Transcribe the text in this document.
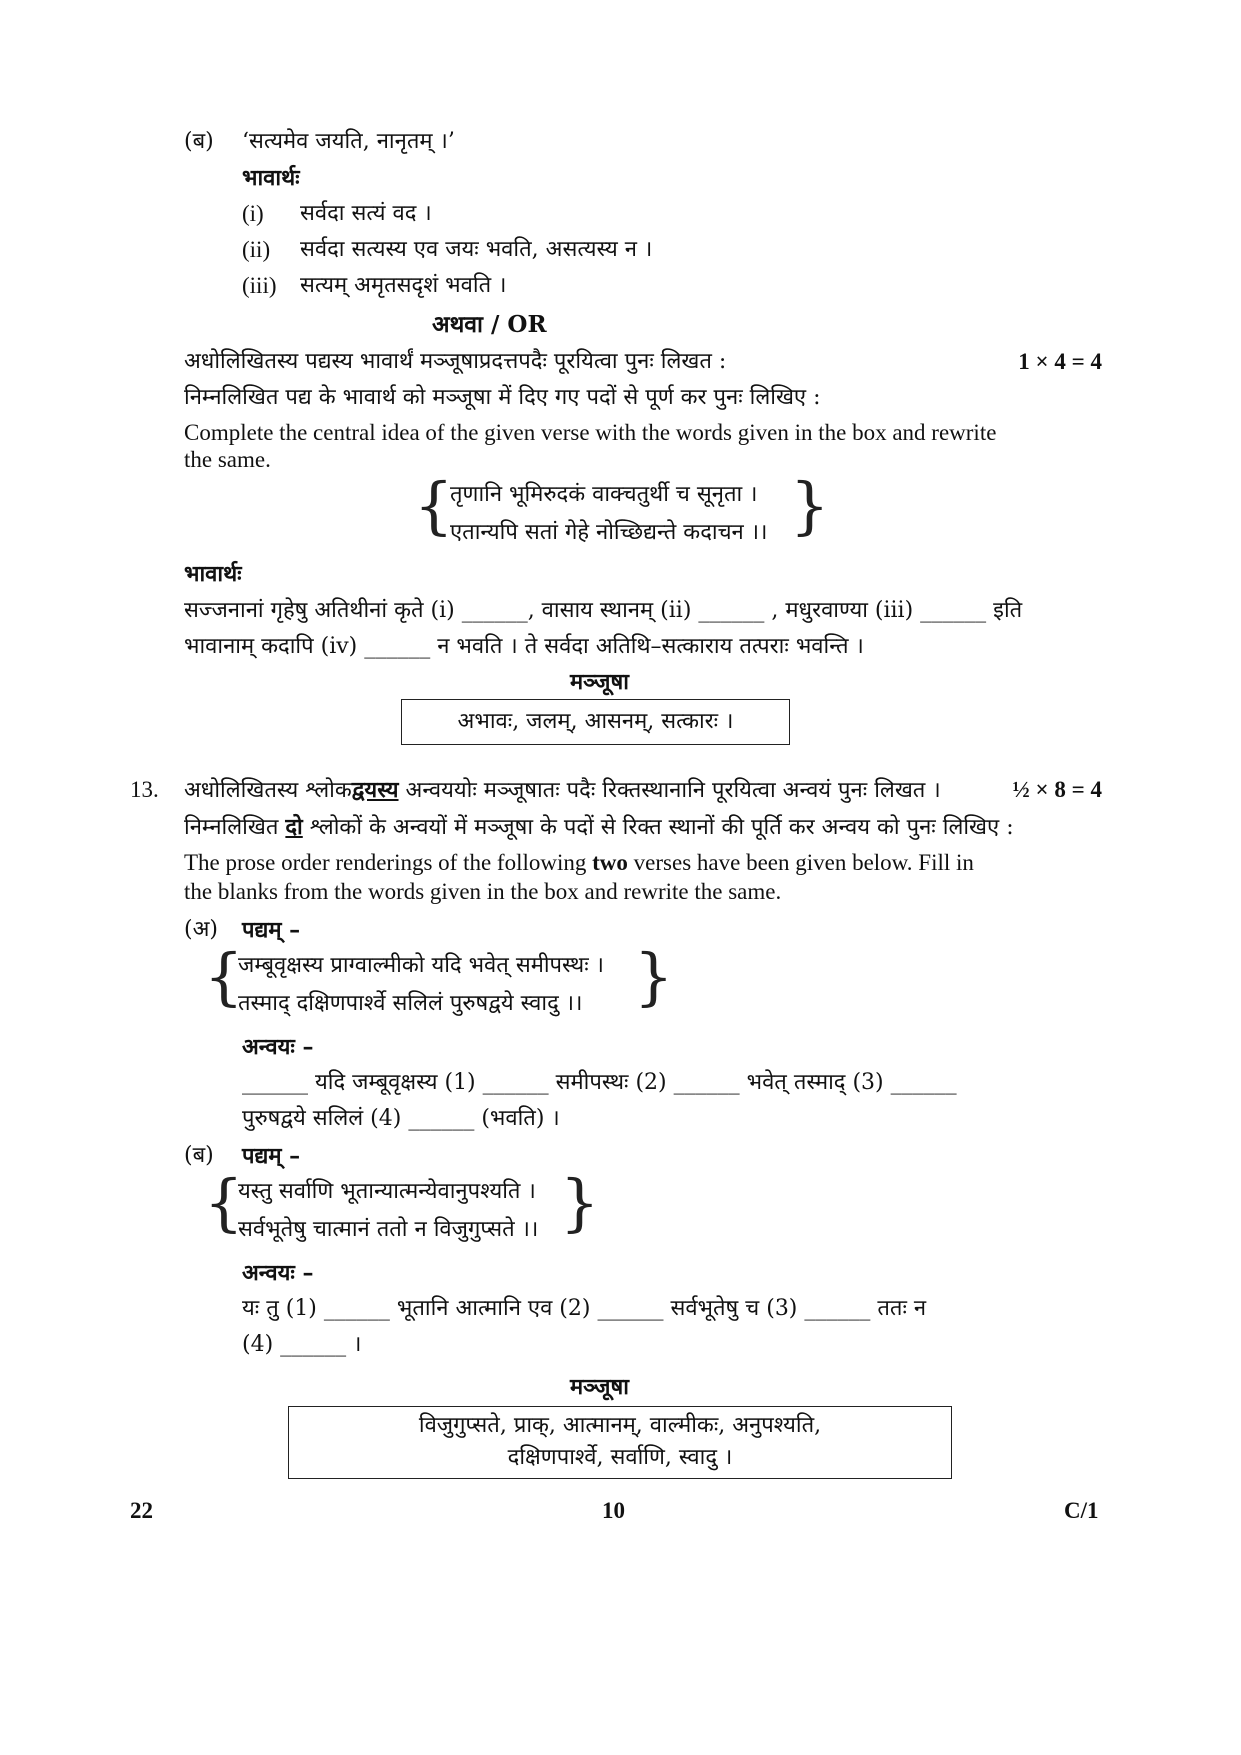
(ब) ‘सत्यमेव जयति, नानृतम् ।’
भावार्थः
(i) सर्वदा सत्यं वद ।
(ii) सर्वदा सत्यस्य एव जयः भवति, असत्यस्य न ।
(iii) सत्यम् अमृतसदृशं भवति ।
अथवा / OR
अधोलिखितस्य पद्यस्य भावार्थं मञ्जूषाप्रदत्तपदैः पूरयित्वा पुनः लिखत :	1 × 4 = 4
निम्नलिखित पद्य के भावार्थ को मञ्जूषा में दिए गए पदों से पूर्ण कर पुनः लिखिए :
Complete the central idea of the given verse with the words given in the box and rewrite
the same.
{
तृणानि भूमिरुदकं वाक्चतुर्थी च सूनृता ।
एतान्यपि सतां गेहे नोच्छिद्यन्ते कदाचन ।। }
भावार्थः
सज्जनानां गृहेषु अतिथीनां कृते (i) ______, वासाय स्थानम् (ii) ______ , मधुरवाण्या (iii) ______ इति
भावानाम् कदापि (iv) ______ न भवति । ते सर्वदा अतिथि–सत्काराय तत्पराः भवन्ति ।
मञ्जूषा
अभावः, जलम्, आसनम्, सत्कारः ।
13. अधोलिखितस्य श्लोकद्वयस्य अन्वययोः मञ्जूषातः पदैः रिक्तस्थानानि पूरयित्वा अन्वयं पुनः लिखत ।	½ × 8 = 4
निम्नलिखित दो श्लोकों के अन्वयों में मञ्जूषा के पदों से रिक्त स्थानों की पूर्ति कर अन्वय को पुनः लिखिए :
The prose order renderings of the following two verses have been given below. Fill in
the blanks from the words given in the box and rewrite the same.
(अ) पद्यम् –
{
जम्बूवृक्षस्य प्राग्वाल्मीको यदि भवेत् समीपस्थः ।
तस्माद् दक्षिणपार्श्वे सलिलं पुरुषद्वये स्वादु ।। }
अन्वयः –
______ यदि जम्बूवृक्षस्य (1) ______ समीपस्थः (2) ______ भवेत् तस्माद् (3) ______
पुरुषद्वये सलिलं (4) ______ (भवति) ।
(ब) पद्यम् –
{
यस्तु सर्वाणि भूतान्यात्मन्येवानुपश्यति ।
सर्वभूतेषु चात्मानं ततो न विजुगुप्सते ।। }
अन्वयः –
यः तु (1) ______ भूतानि आत्मानि एव (2) ______ सर्वभूतेषु च (3) ______ ततः न
(4) ______ ।
मञ्जूषा
विजुगुप्सते, प्राक्, आत्मानम्, वाल्मीकः, अनुपश्यति,
दक्षिणपार्श्वे, सर्वाणि, स्वादु ।
22	10	C/1
